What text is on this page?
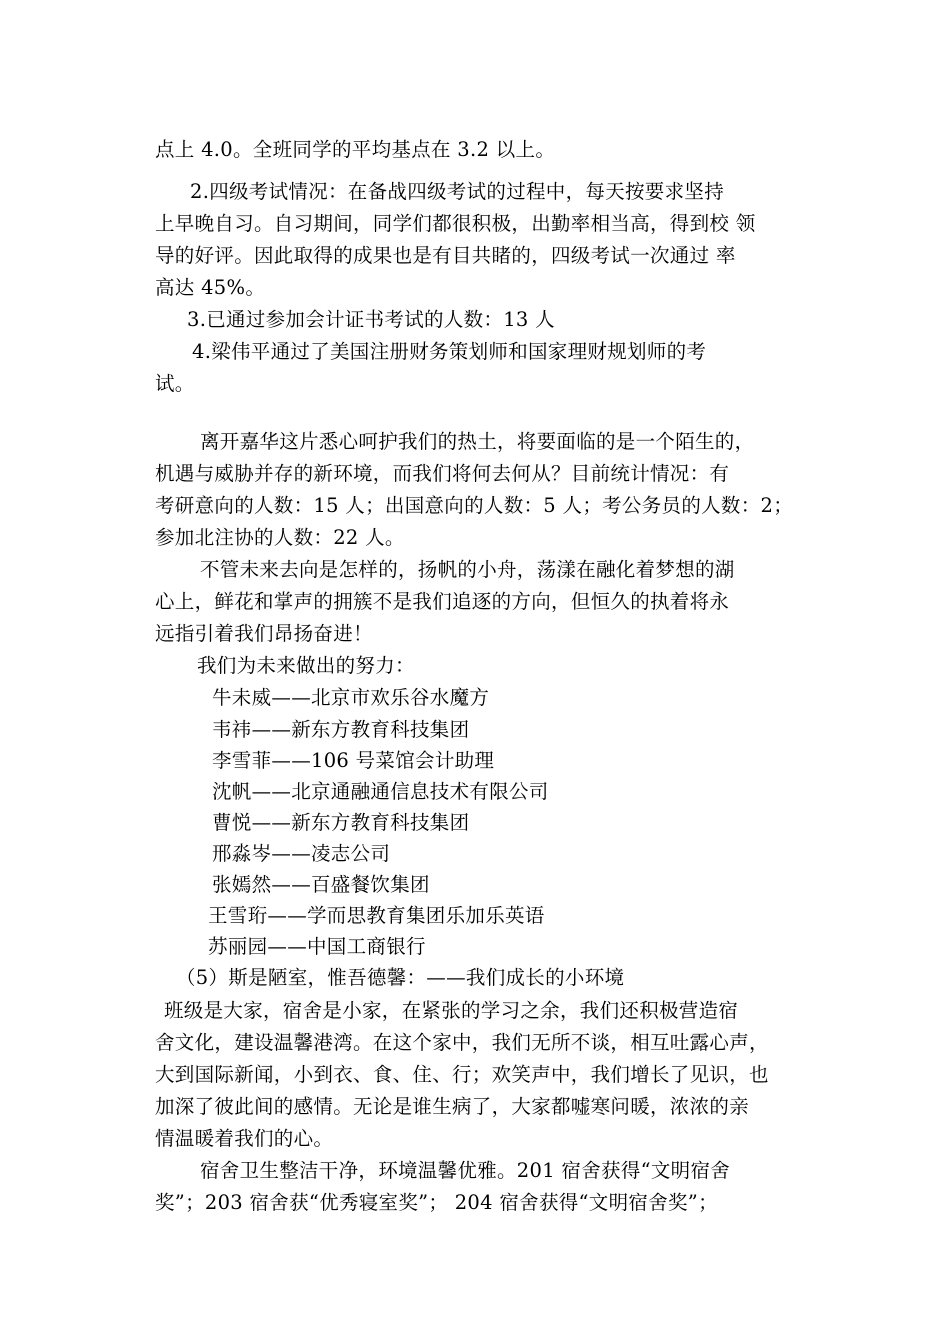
点上 4.0。全班同学的平均基点在 3.2 以上。
2.四级考试情况：在备战四级考试的过程中，每天按要求坚持
上早晚自习。自习期间，同学们都很积极，出勤率相当高，得到校 领
导的好评。因此取得的成果也是有目共睹的，四级考试一次通过 率
高达 45%。
3.已通过参加会计证书考试的人数：13 人
4.梁伟平通过了美国注册财务策划师和国家理财规划师的考
试。
离开嘉华这片悉心呵护我们的热土，将要面临的是一个陌生的，
机遇与威胁并存的新环境，而我们将何去何从？目前统计情况：有
考研意向的人数：15 人；出国意向的人数：5 人；考公务员的人数：2；
参加北注协的人数：22 人。
不管未来去向是怎样的，扬帆的小舟，荡漾在融化着梦想的湖
心上，鲜花和掌声的拥簇不是我们追逐的方向，但恒久的执着将永
远指引着我们昂扬奋进！
我们为未来做出的努力：
牛未威——北京市欢乐谷水魔方
韦祎——新东方教育科技集团
李雪菲——106 号菜馆会计助理
沈帆——北京通融通信息技术有限公司
曹悦——新东方教育科技集团
邢淼岑——凌志公司
张嫣然——百盛餐饮集团
王雪珩——学而思教育集团乐加乐英语
苏丽园——中国工商银行
（5）斯是陋室，惟吾德馨：——我们成长的小环境
班级是大家，宿舍是小家，在紧张的学习之余，我们还积极营造宿
舍文化，建设温馨港湾。在这个家中，我们无所不谈，相互吐露心声，
大到国际新闻，小到衣、食、住、行；欢笑声中，我们增长了见识，也
加深了彼此间的感情。无论是谁生病了，大家都嘘寒问暖，浓浓的亲
情温暖着我们的心。
宿舍卫生整洁干净，环境温馨优雅。201 宿舍获得“文明宿舍
奖”；203 宿舍获“优秀寝室奖”； 204 宿舍获得“文明宿舍奖”；
